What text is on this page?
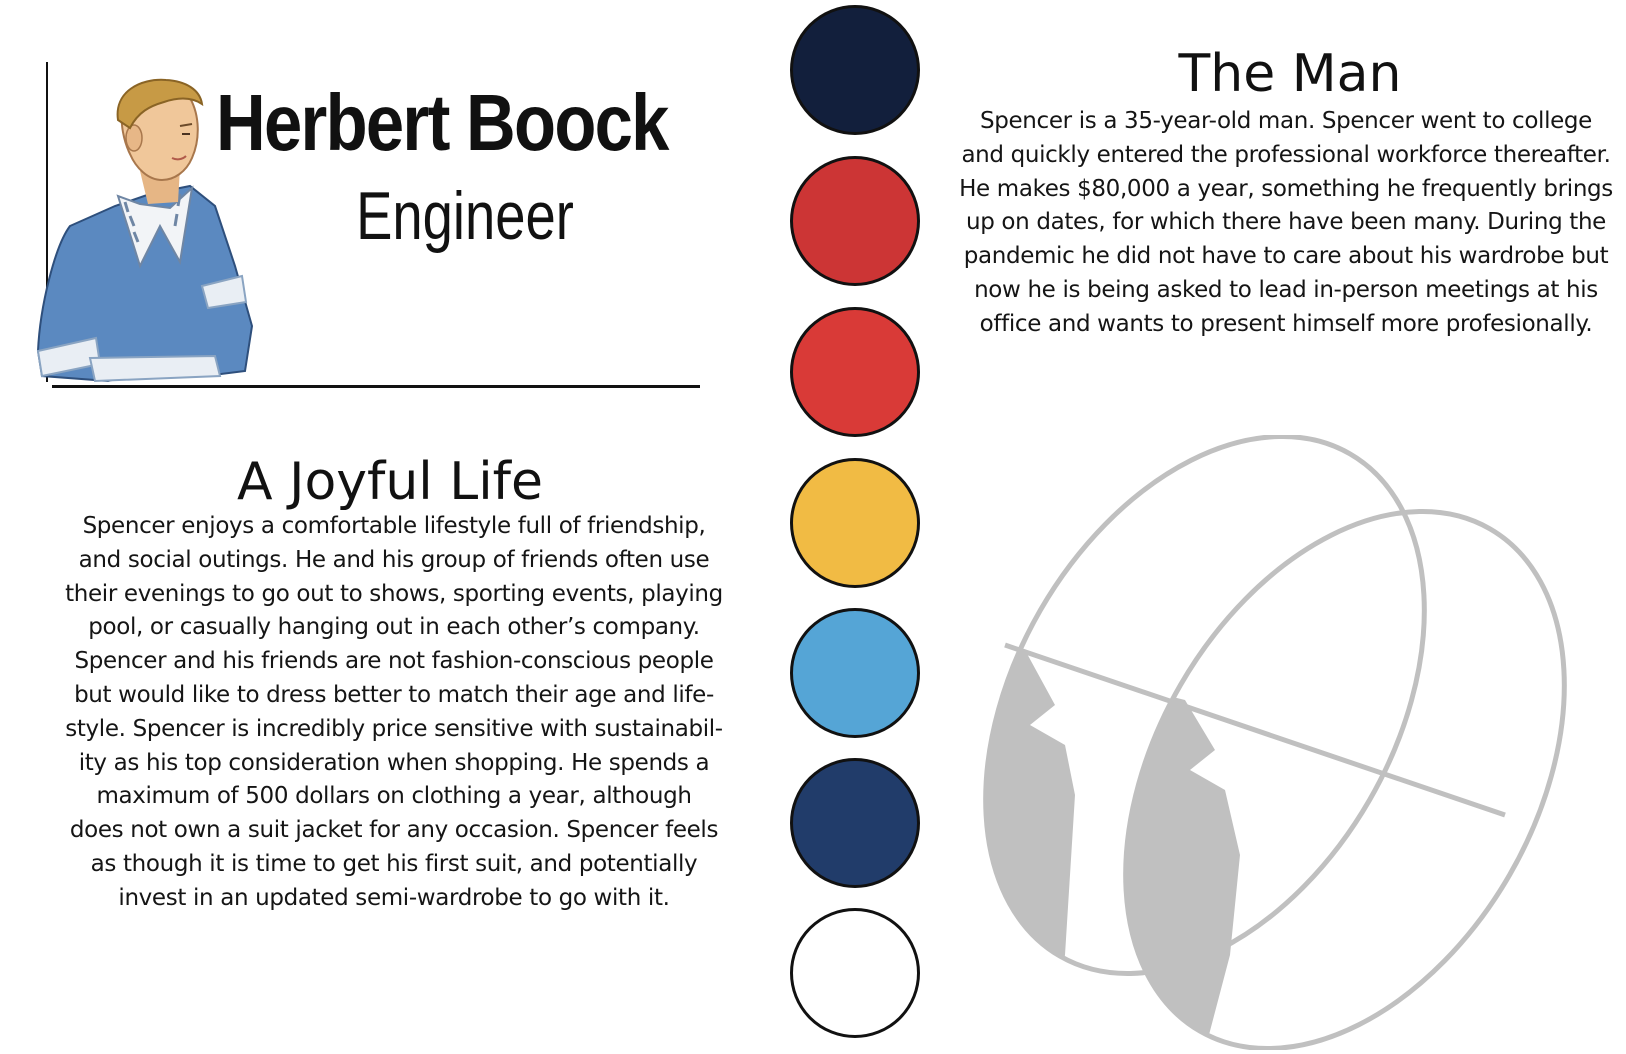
Herbert Boock
Engineer
A Joyful Life
Spencer enjoys a comfortable lifestyle full of friendship,
and social outings. He and his group of friends often use
their evenings to go out to shows, sporting events, playing
pool, or casually hanging out in each other’s company.
Spencer and his friends are not fashion-conscious people
but would like to dress better to match their age and life-
style. Spencer is incredibly price sensitive with sustainabil-
ity as his top consideration when shopping. He spends a
maximum of 500 dollars on clothing a year, although
does not own a suit jacket for any occasion. Spencer feels
as though it is time to get his first suit, and potentially
invest in an updated semi-wardrobe to go with it.
The Man
Spencer is a 35-year-old man. Spencer went to college
and quickly entered the professional workforce thereafter.
He makes $80,000 a year, something he frequently brings
up on dates, for which there have been many. During the
pandemic he did not have to care about his wardrobe but
now he is being asked to lead in-person meetings at his
office and wants to present himself more profesionally.
